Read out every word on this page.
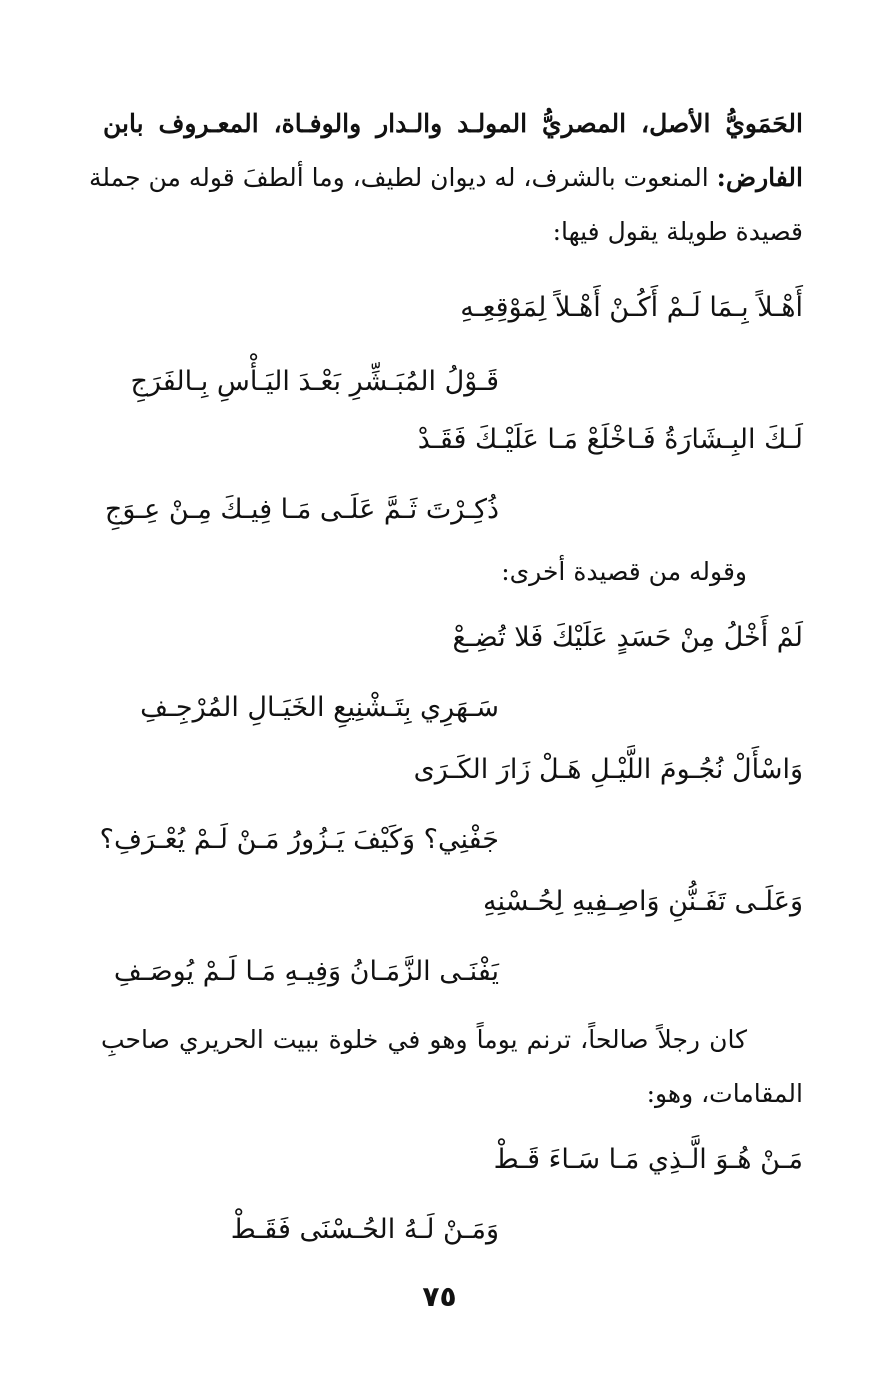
الحَمَويُّ الأصل، المصريُّ المولـد والـدار والوفـاة، المعـروف بابن
الفارض: المنعوت بالشرف، له ديوان لطيف، وما ألطفَ قوله من جملة
قصيدة طويلة يقول فيها:
أَهْـلاً بِـمَا لَـمْ أَكُـنْ أَهْـلاً لِمَوْقِعِـهِ
قَـوْلُ المُبَـشِّرِ بَعْـدَ اليَـأْسِ بِـالفَرَجِ
لَـكَ البِـشَارَةُ فَـاخْلَعْ مَـا عَلَيْـكَ فَقَـدْ
ذُكِـرْتَ ثَـمَّ عَلَـى مَـا فِيـكَ مِـنْ عِـوَجِ
وقوله من قصيدة أخرى:
لَمْ أَخْلُ مِنْ حَسَدٍ عَلَيْكَ فَلا تُضِـعْ
سَـهَرِي بِتَـشْنِيعِ الخَيَـالِ المُرْجِـفِ
وَاسْأَلْ نُجُـومَ اللَّيْـلِ هَـلْ زَارَ الكَـرَى
جَفْنِي؟ وَكَيْفَ يَـزُورُ مَـنْ لَـمْ يُعْـرَفِ؟
وَعَلَـى تَفَـنُّنِ وَاصِـفِيهِ لِحُـسْنِهِ
يَفْنَـى الزَّمَـانُ وَفِيـهِ مَـا لَـمْ يُوصَـفِ
كان رجلاً صالحاً، ترنم يوماً وهو في خلوة ببيت الحريري صاحبِ
المقامات، وهو:
مَـنْ هُـوَ الَّـذِي مَـا سَـاءَ قَـطْ
وَمَـنْ لَـهُ الحُـسْنَى فَقَـطْ
٧٥
